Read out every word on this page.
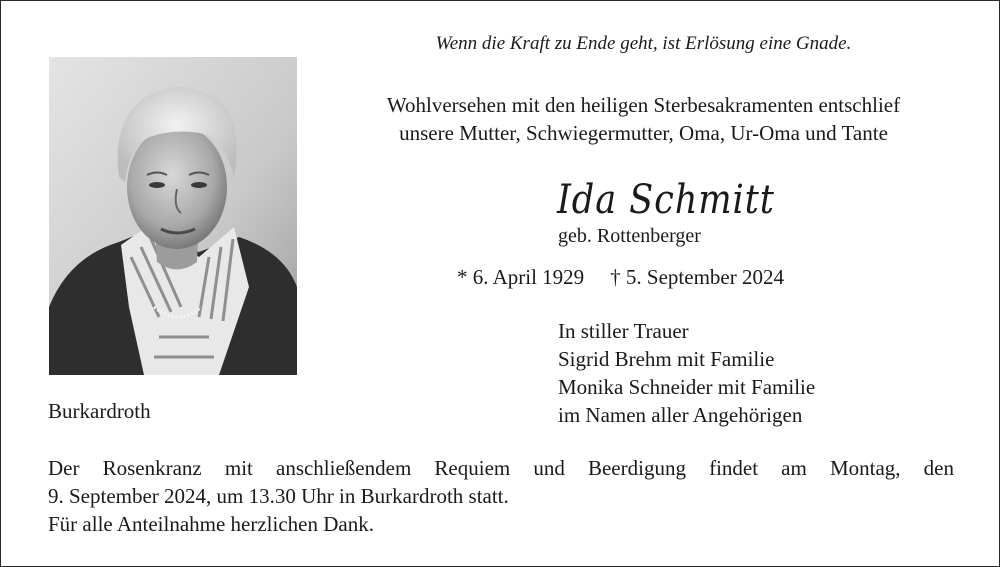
Wenn die Kraft zu Ende geht, ist Erlösung eine Gnade.
Wohlversehen mit den heiligen Sterbesakramenten entschlief
unsere Mutter, Schwiegermutter, Oma, Ur-Oma und Tante
Ida Schmitt
geb. Rottenberger
* 6. April 1929 † 5. September 2024
In stiller Trauer
Sigrid Brehm mit Familie
Monika Schneider mit Familie
im Namen aller Angehörigen
Burkardroth
Der Rosenkranz mit anschließendem Requiem und Beerdigung findet am Montag, den
9. September 2024, um 13.30 Uhr in Burkardroth statt.
Für alle Anteilnahme herzlichen Dank.
